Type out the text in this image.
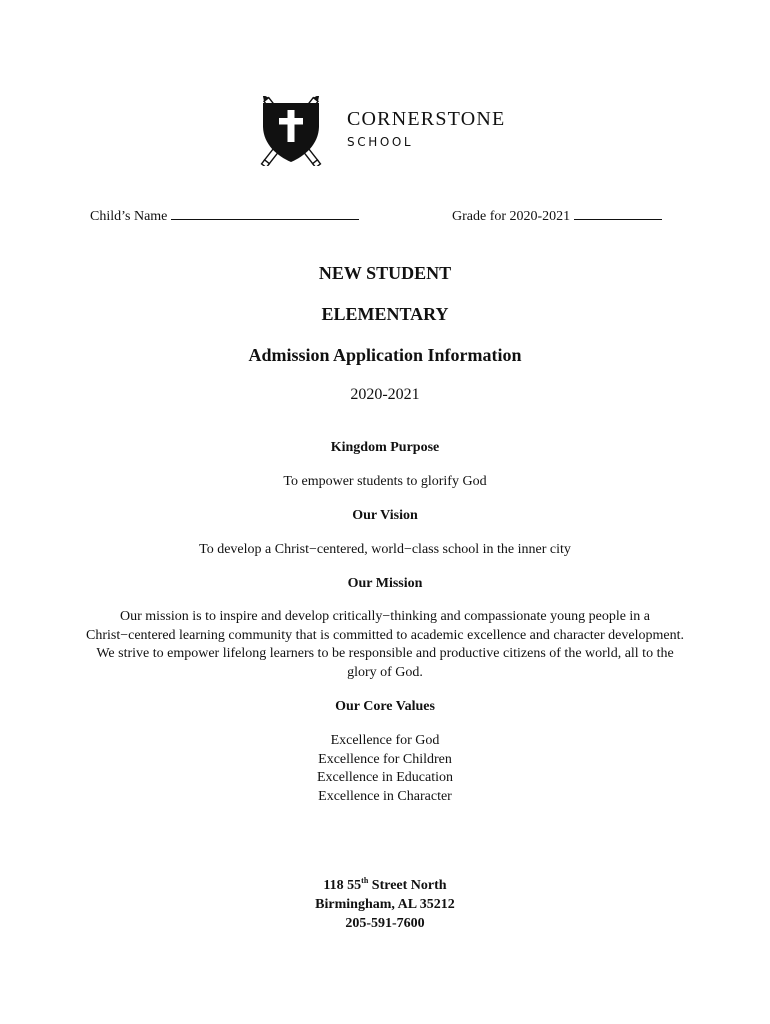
CORNERSTONE
SCHOOL
Child’s Name	Grade for 2020-2021
NEW STUDENT
ELEMENTARY
Admission Application Information
2020-2021
Kingdom Purpose
To empower students to glorify God
Our Vision
To develop a Christ−centered, world−class school in the inner city
Our Mission
Our mission is to inspire and develop critically−thinking and compassionate young people in a Christ−centered learning community that is committed to academic excellence and character development. We strive to empower lifelong learners to be responsible and productive citizens of the world, all to the glory of God.
Our Core Values
Excellence for God
Excellence for Children
Excellence in Education
Excellence in Character
118 55th Street North
Birmingham, AL 35212
205-591-7600
